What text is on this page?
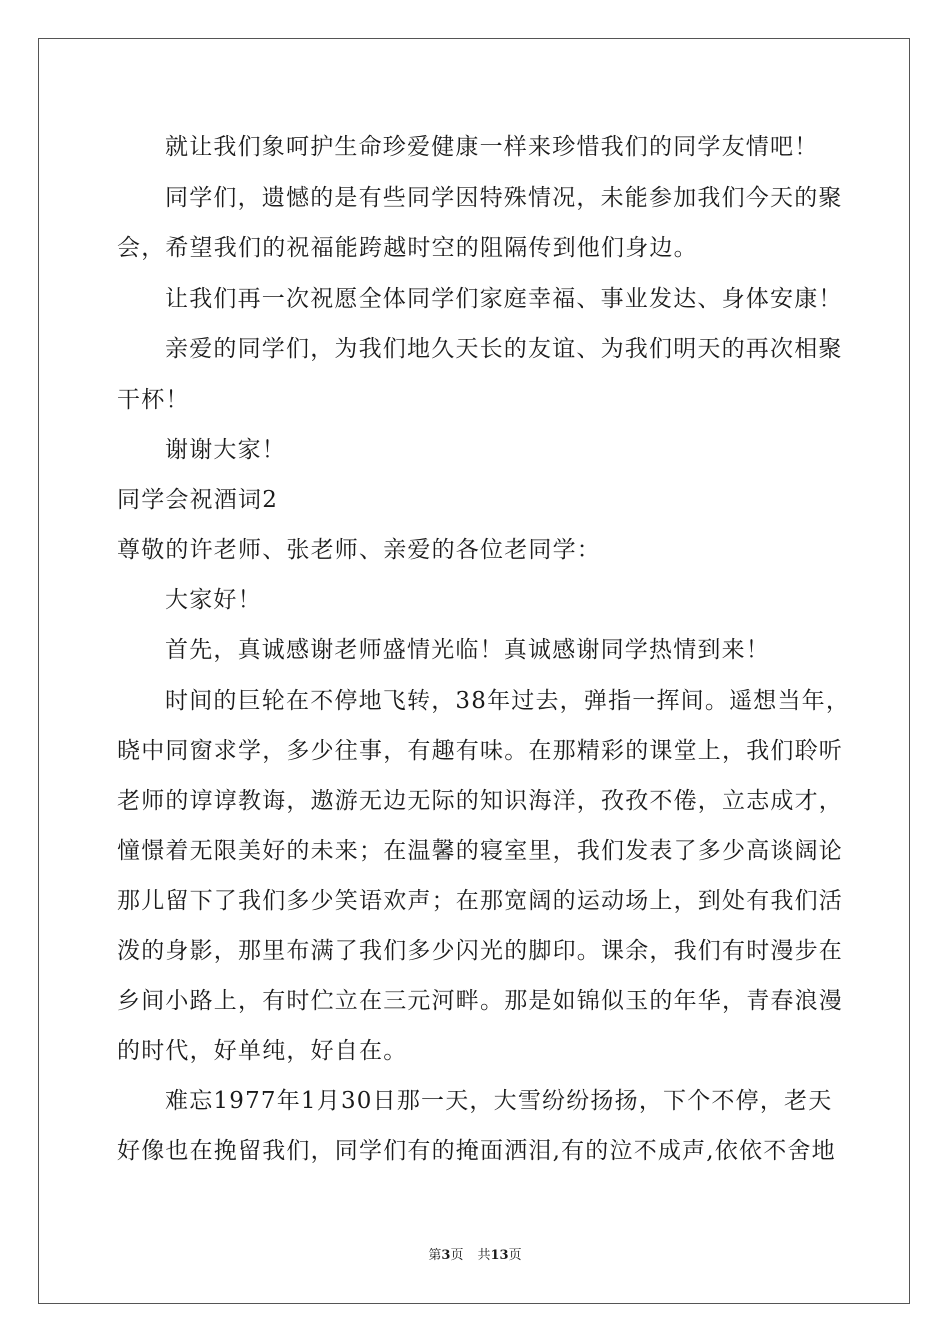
就让我们象呵护生命珍爱健康一样来珍惜我们的同学友情吧！
同学们，遗憾的是有些同学因特殊情况，未能参加我们今天的聚
会，希望我们的祝福能跨越时空的阻隔传到他们身边。
让我们再一次祝愿全体同学们家庭幸福、事业发达、身体安康！
亲爱的同学们，为我们地久天长的友谊、为我们明天的再次相聚
干杯！
谢谢大家！
同学会祝酒词2
尊敬的许老师、张老师、亲爱的各位老同学：
大家好！
首先，真诚感谢老师盛情光临！真诚感谢同学热情到来！
时间的巨轮在不停地飞转，38年过去，弹指一挥间。遥想当年，
晓中同窗求学，多少往事，有趣有味。在那精彩的课堂上，我们聆听
老师的谆谆教诲，遨游无边无际的知识海洋，孜孜不倦，立志成才，
憧憬着无限美好的未来；在温馨的寝室里，我们发表了多少高谈阔论
那儿留下了我们多少笑语欢声；在那宽阔的运动场上，到处有我们活
泼的身影，那里布满了我们多少闪光的脚印。课余，我们有时漫步在
乡间小路上，有时伫立在三元河畔。那是如锦似玉的年华，青春浪漫
的时代，好单纯，好自在。
难忘1977年1月30日那一天，大雪纷纷扬扬，下个不停，老天
好像也在挽留我们，同学们有的掩面洒泪,有的泣不成声,依依不舍地
第3页 共13页
